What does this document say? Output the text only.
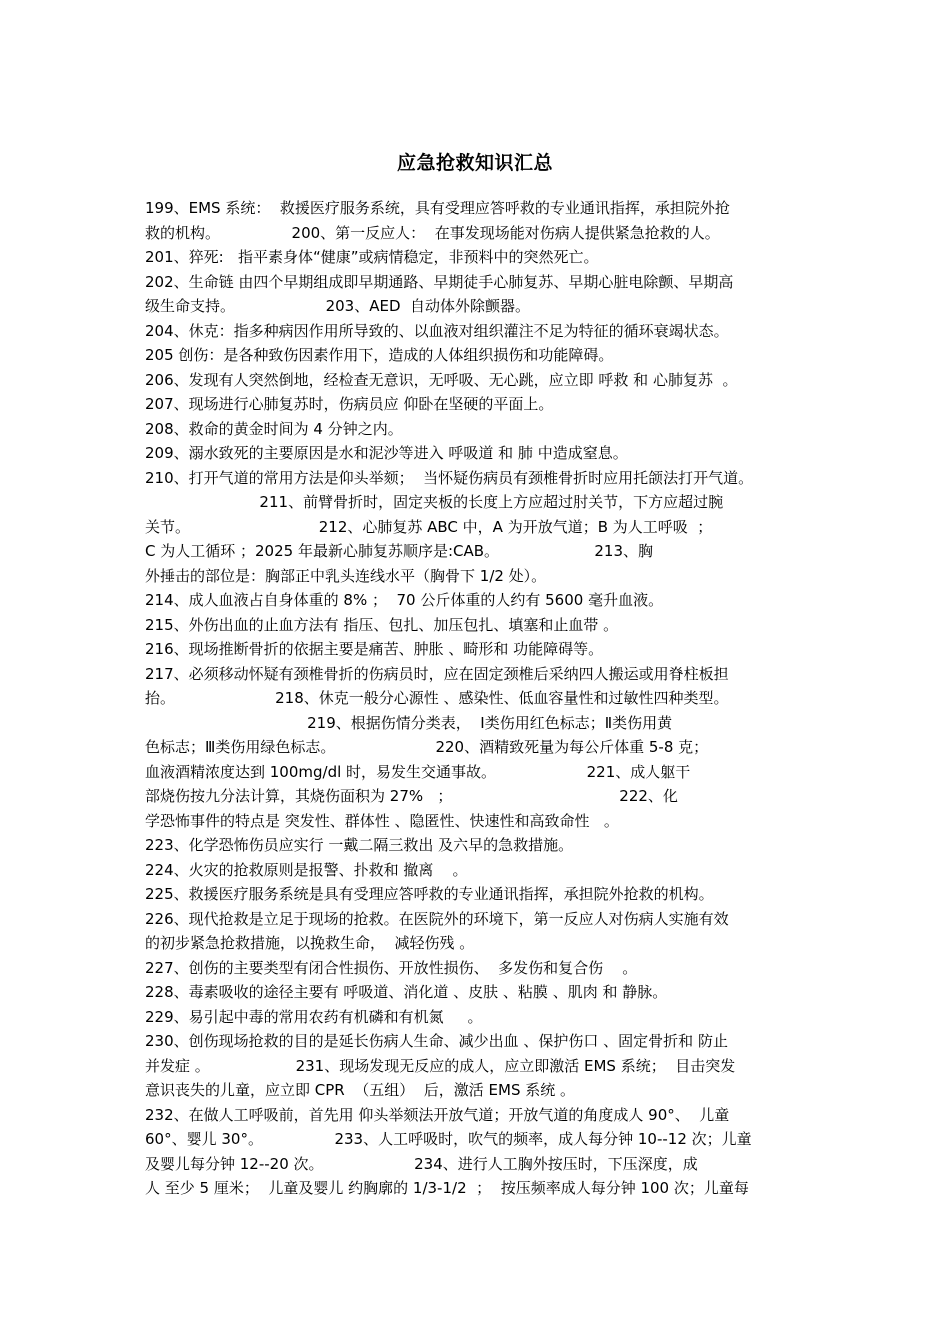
应急抢救知识汇总
199、EMS 系统：  救援医疗服务系统，具有受理应答呼救的专业通讯指挥，承担院外抢
救的机构。               200、第一反应人：  在事发现场能对伤病人提供紧急抢救的人。
201、猝死:   指平素身体“健康”或病情稳定，非预料中的突然死亡。
202、生命链 由四个早期组成即早期通路、早期徒手心肺复苏、早期心脏电除颤、早期高
级生命支持。                   203、AED  自动体外除颤器。
204、休克：指多种病因作用所导致的、以血液对组织灌注不足为特征的循环衰竭状态。
205 创伤：是各种致伤因素作用下，造成的人体组织损伤和功能障碍。
206、发现有人突然倒地，经检查无意识，无呼吸、无心跳，应立即 呼救 和 心肺复苏  。
207、现场进行心肺复苏时，伤病员应 仰卧在坚硬的平面上。
208、救命的黄金时间为 4 分钟之内。
209、溺水致死的主要原因是水和泥沙等进入 呼吸道 和 肺 中造成窒息。
210、打开气道的常用方法是仰头举颏；  当怀疑伤病员有颈椎骨折时应用托颌法打开气道。
211、前臂骨折时，固定夹板的长度上方应超过肘关节，下方应超过腕
关节。                           212、心肺复苏 ABC 中，A 为开放气道；B 为人工呼吸  ；
C 为人工循环 ；2025 年最新心肺复苏顺序是:CAB。                    213、胸
外捶击的部位是：胸部正中乳头连线水平（胸骨下 1/2 处）。
214、成人血液占自身体重的 8% ；  70 公斤体重的人约有 5600 毫升血液。
215、外伤出血的止血方法有 指压、包扎、加压包扎、填塞和止血带 。
216、现场推断骨折的依据主要是痛苦、肿胀 、畸形和 功能障碍等。
217、必须移动怀疑有颈椎骨折的伤病员时，应在固定颈椎后采纳四人搬运或用脊柱板担
抬。                     218、休克一般分心源性 、感染性、低血容量性和过敏性四种类型。
219、根据伤情分类表，  Ⅰ类伤用红色标志；Ⅱ类伤用黄
色标志；Ⅲ类伤用绿色标志。                     220、酒精致死量为每公斤体重 5-8 克；
血液酒精浓度达到 100mg/dl 时，易发生交通事故。                   221、成人躯干
部烧伤按九分法计算，其烧伤面积为 27%   ；                                   222、化
学恐怖事件的特点是 突发性、群体性 、隐匿性、快速性和高致命性   。
223、化学恐怖伤员应实行 一戴二隔三救出 及六早的急救措施。
224、火灾的抢救原则是报警、扑救和 撤离    。
225、救援医疗服务系统是具有受理应答呼救的专业通讯指挥，承担院外抢救的机构。
226、现代抢救是立足于现场的抢救。在医院外的环境下，第一反应人对伤病人实施有效
的初步紧急抢救措施，以挽救生命，  减轻伤残 。
227、创伤的主要类型有闭合性损伤、开放性损伤、  多发伤和复合伤    。
228、毒素吸收的途径主要有 呼吸道、消化道 、皮肤 、粘膜 、肌肉 和 静脉。
229、易引起中毒的常用农药有机磷和有机氮     。
230、创伤现场抢救的目的是延长伤病人生命、减少出血 、保护伤口 、固定骨折和 防止
并发症 。                  231、现场发现无反应的成人，应立即激活 EMS 系统；  目击突发
意识丧失的儿童，应立即 CPR  （五组）  后，激活 EMS 系统 。
232、在做人工呼吸前，首先用 仰头举颏法开放气道；开放气道的角度成人 90°、  儿童
60°、婴儿 30°。               233、人工呼吸时，吹气的频率，成人每分钟 10--12 次；儿童
及婴儿每分钟 12--20 次。                   234、进行人工胸外按压时，下压深度，成
人 至少 5 厘米；  儿童及婴儿 约胸廓的 1/3-1/2  ；  按压频率成人每分钟 100 次；儿童每
